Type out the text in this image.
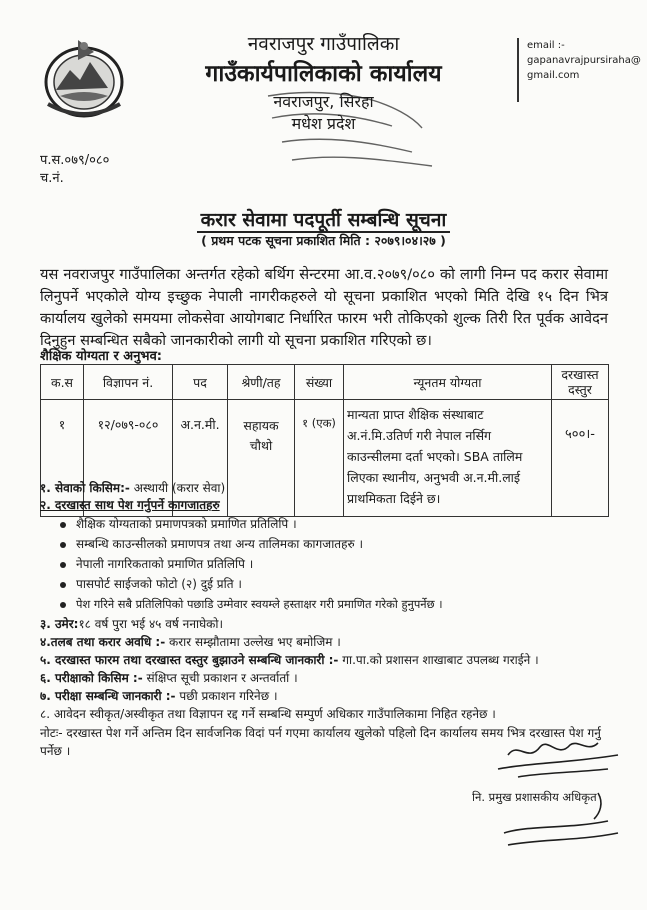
नवराजपुर गाउँपालिका
गाउँकार्यपालिकाको कार्यालय
नवराजपुर, सिरहा
मधेश प्रदेश
email :-
gapanavrajpursiraha@
gmail.com
प.स.०७९/०८०
च.नं.
करार सेवामा पदपूर्ती सम्बन्धि सूचना
( प्रथम पटक सूचना प्रकाशित मिति : २०७९।०४।२७ )
यस नवराजपुर गाउँपालिका अन्तर्गत रहेको बर्थिग सेन्टरमा आ.व.२०७९/०८० को लागी निम्न पद करार सेवामा लिनुपर्ने भएकोले योग्य इच्छुक नेपाली नागरीकहरुले यो सूचना प्रकाशित भएको मिति देखि १५ दिन भित्र कार्यालय खुलेको समयमा लोकसेवा आयोगबाट निर्धारित फारम भरी तोकिएको शुल्क तिरी रित पूर्वक आवेदन दिनुहुन सम्बन्धित सबैको जानकारीको लागी यो सूचना प्रकाशित गरिएको छ।
शैक्षिक योग्यता र अनुभव:
क.स	विज्ञापन नं.	पद	श्रेणी/तह	संख्या	न्यूनतम योग्यता	दरखास्त दस्तुर
१	१२/०७९-०८०	अ.न.मी.	सहायक चौथो	१ (एक)	मान्यता प्राप्त शैक्षिक संस्थाबाट अ.नं.मि.उतिर्ण गरी नेपाल नर्सिग काउन्सीलमा दर्ता भएको। SBA तालिम लिएका स्थानीय, अनुभवी अ.न.मी.लाई प्राथमिकता दिईने छ।	५००।-
१. सेवाको किसिम:- अस्थायी (करार सेवा)
२. दरखास्त साथ पेश गर्नुपर्ने कागजातहरु
शैक्षिक योग्यताको प्रमाणपत्रको प्रमाणित प्रतिलिपि ।
सम्बन्धि काउन्सीलको प्रमाणपत्र तथा अन्य तालिमका कागजातहरु ।
नेपाली नागरिकताको प्रमाणित प्रतिलिपि ।
पासपोर्ट साईजको फोटो (२) दुई प्रति ।
पेश गरिने सबै प्रतिलिपिको पछाडि उम्मेवार स्वयम्ले हस्ताक्षर गरी प्रमाणित गरेको हुनुपर्नेछ ।
३. उमेर:१८ वर्ष पुरा भई ४५ वर्ष ननाघेको।
४.तलब तथा करार अवधि :- करार सम्झौतामा उल्लेख भए बमोजिम ।
५. दरखास्त फारम तथा दरखास्त दस्तुर बुझाउने सम्बन्धि जानकारी :- गा.पा.को प्रशासन शाखाबाट उपलब्ध गराईने ।
६. परीक्षाको किसिम :- संक्षिप्त सूची प्रकाशन र अन्तर्वार्ता ।
७. परीक्षा सम्बन्धि जानकारी :- पछी प्रकाशन गरिनेछ ।
८. आवेदन स्वीकृत/अस्वीकृत तथा विज्ञापन रद्द गर्ने सम्बन्धि सम्पुर्ण अधिकार गाउँपालिकामा निहित रहनेछ ।
नोटः- दरखास्त पेश गर्ने अन्तिम दिन सार्वजनिक विदां पर्न गएमा कार्यालय खुलेको पहिलो दिन कार्यालय समय भित्र दरखास्त पेश गर्नु पर्नेछ ।
नि. प्रमुख प्रशासकीय अधिकृत
